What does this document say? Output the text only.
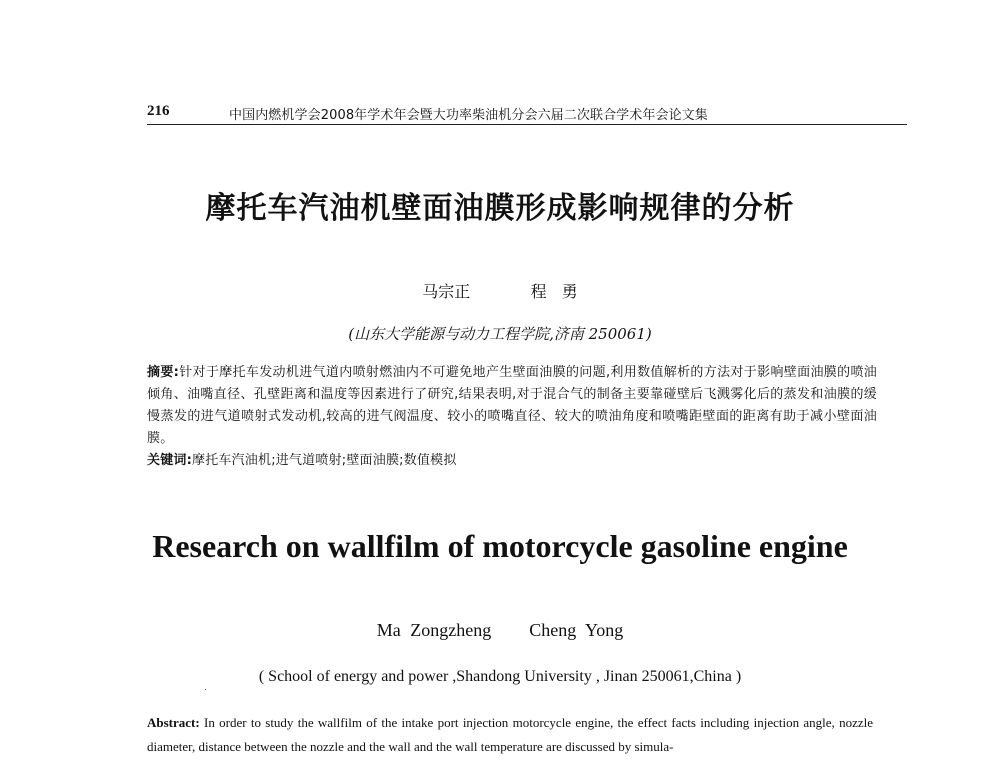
216	中国内燃机学会2008年学术年会暨大功率柴油机分会六届二次联合学术年会论文集
摩托车汽油机壁面油膜形成影响规律的分析
马宗正    程 勇
(山东大学能源与动力工程学院,济南 250061)

摘要:针对于摩托车发动机进气道内喷射燃油内不可避免地产生壁面油膜的问题,利用数值解析的方法对于影响壁面油膜的喷油倾角、油嘴直径、孔壁距离和温度等因素进行了研究,结果表明,对于混合气的制备主要靠碰壁后飞溅雾化后的蒸发和油膜的缓慢蒸发的进气道喷射式发动机,较高的进气阀温度、较小的喷嘴直径、较大的喷油角度和喷嘴距壁面的距离有助于减小壁面油膜。

关键词:摩托车汽油机;进气道喷射;壁面油膜;数值模拟

Research on wallfilm of motorcycle gasoline engine
Ma Zongzheng    Cheng Yong
( School of energy and power ,Shandong University , Jinan 250061,China )

Abstract: In order to study the wallfilm of the intake port injection motorcycle engine, the effect facts including injection angle, nozzle diameter, distance between the nozzle and the wall and the wall temperature are discussed by simula-
